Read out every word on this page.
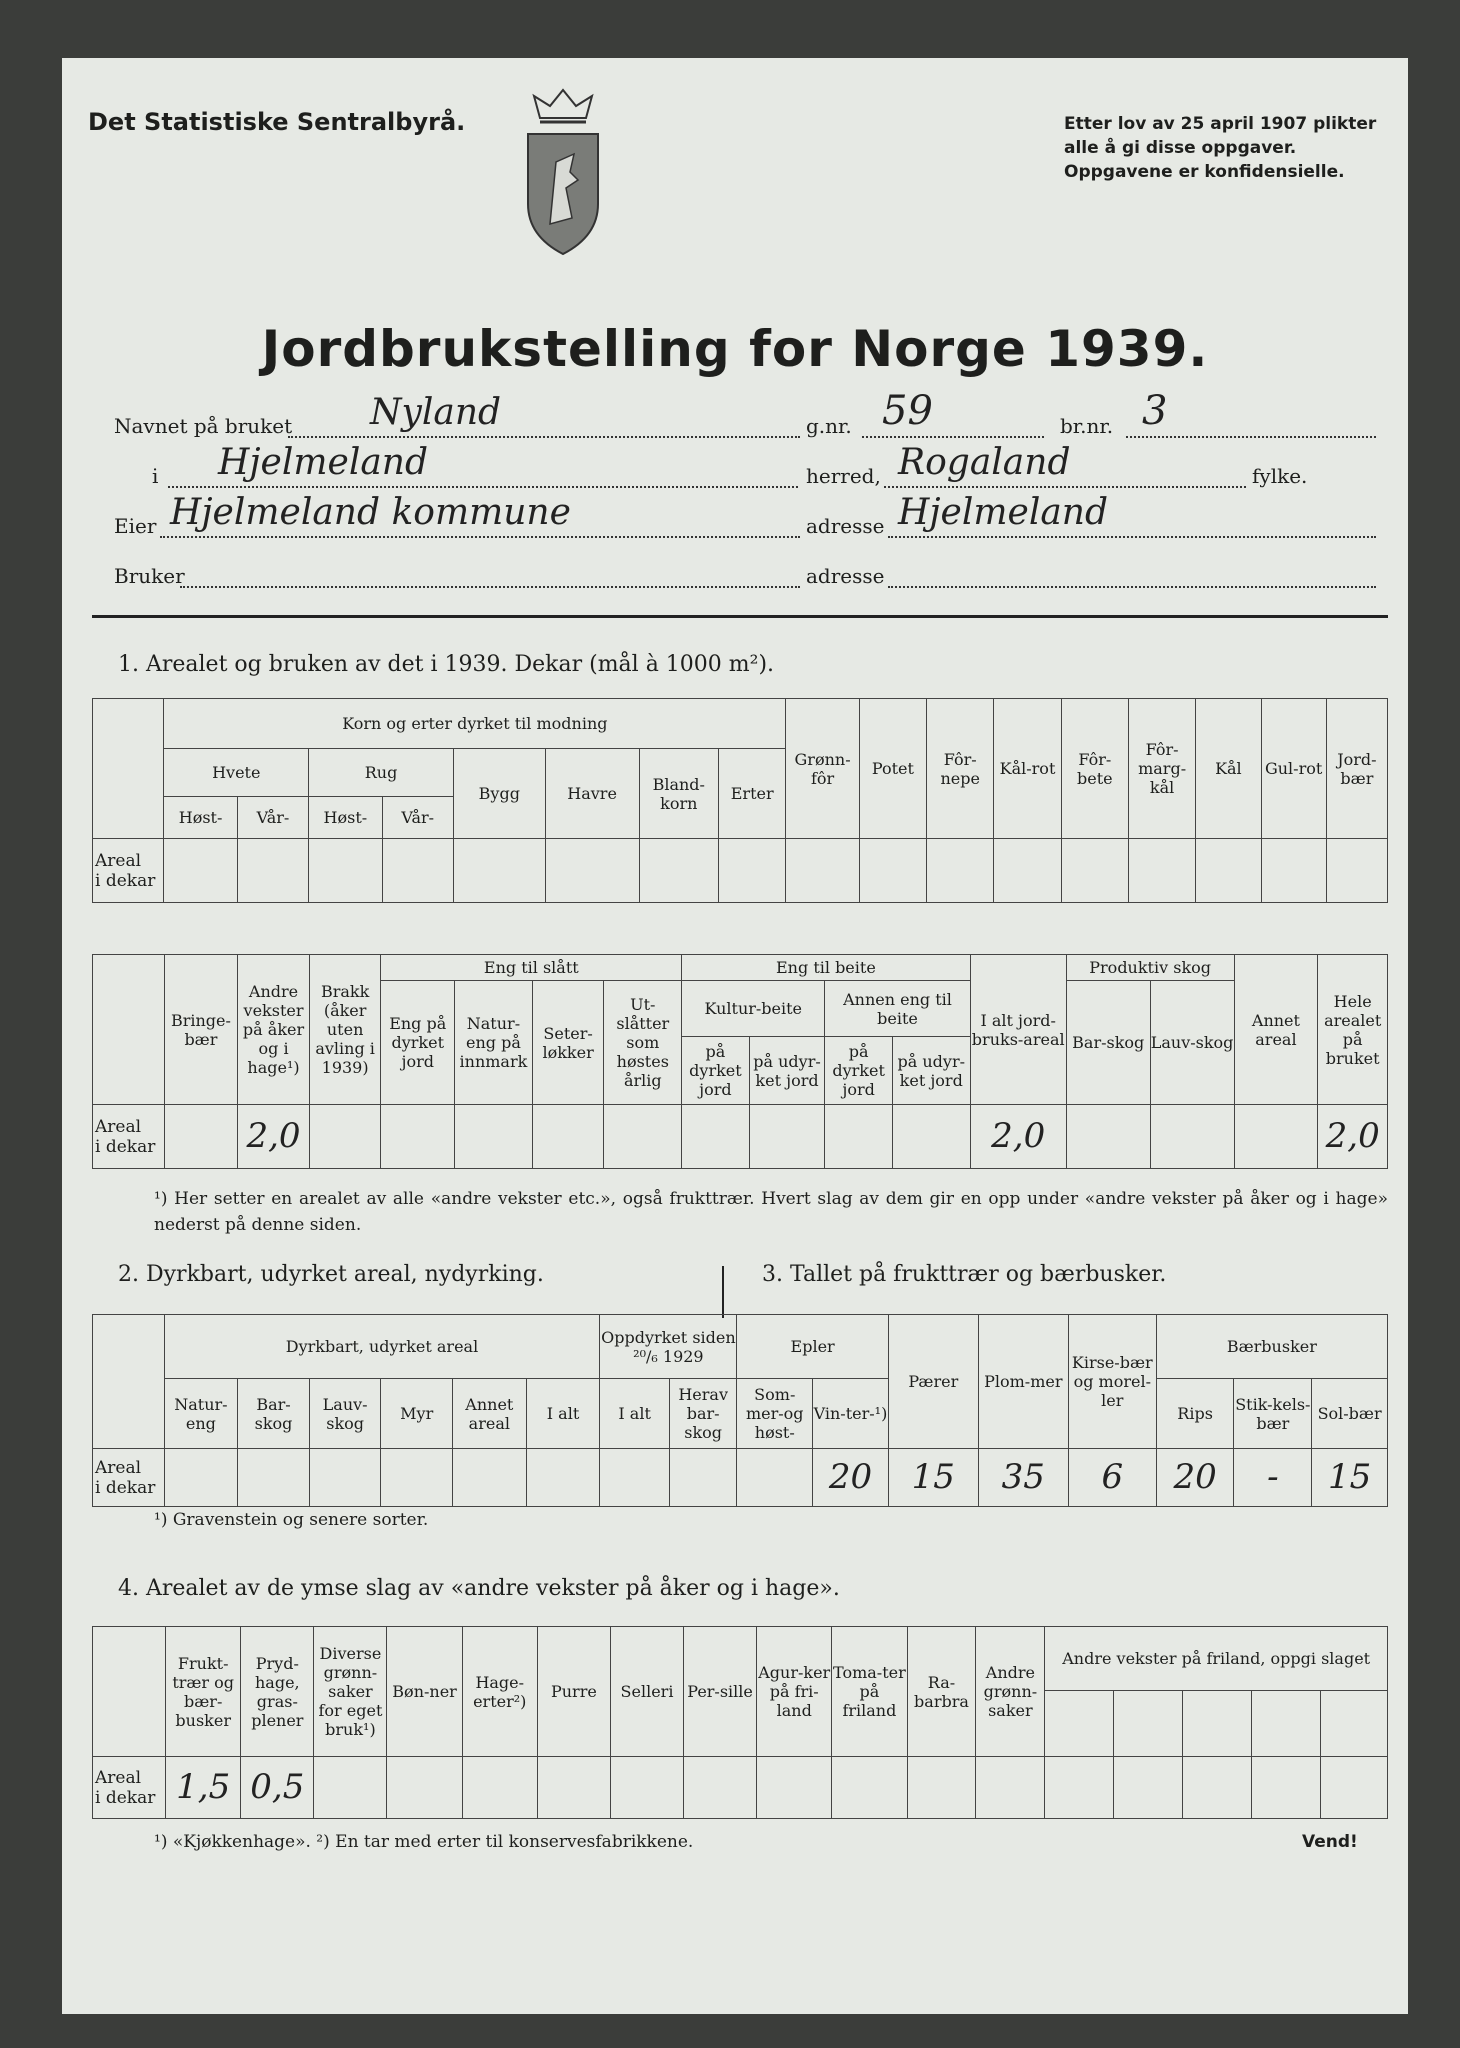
Det Statistiske Sentralbyrå.	Etter lov av 25 april 1907 plikter
alle å gi disse oppgaver.
Oppgavene er konfidensielle.
Jordbrukstelling for Norge 1939.
Navnet på bruket Nyland	g.nr. 59	br.nr. 3
i Hjelmeland	herred, Rogaland	fylke.
Eier Hjelmeland kommune	adresse Hjelmeland
Bruker	adresse
1. Arealet og bruken av det i 1939. Dekar (mål à 1000 m²).
	Korn og erter dyrket til modning								Grønn-fôr	Potet	Fôr-nepe	Kål-rot	Fôr-bete	Fôr-marg-kål	Kål	Gul-rot	Jord-bær
	Hvete		Rug		Bygg	Havre	Bland-korn	Erter									
	Høst-	Vår-	Høst-	Vår-													

Areal
i dekar																	

	Bringe-bær	Andre vekster på åker og i hage¹)	Brakk (åker uten avling i 1939)	Eng til slått				Eng til beite				I alt jord-bruks-areal	Produktiv skog		Annet areal	Hele arealet på bruket
				Eng på dyrket jord	Natur-eng på innmark	Seter-løkker	Ut-slåtter som høstes årlig	Kultur-beite		Annen eng til beite			Bar-skog	Lauv-skog		
								på dyrket jord	på udyr-ket jord	på dyrket jord	på udyr-ket jord					

Areal
i dekar		2,0										2,0				2,0
¹) Her setter en arealet av alle «andre vekster etc.», også frukttrær. Hvert slag av dem gir en opp under «andre vekster på åker og i hage» nederst på denne siden.
2. Dyrkbart, udyrket areal, nydyrking.	3. Tallet på frukttrær og bærbusker.
	Dyrkbart, udyrket areal						Oppdyrket siden ²⁰/₆ 1929		Epler		Pærer	Plom-mer	Kirse-bær og morel-ler	Bærbusker		

	Natur-eng	Bar-skog	Lauv-skog	Myr	Annet areal	I alt	I alt	Herav bar-skog	Som-mer-og høst-	Vin-ter-¹)				Rips	Stik-kels-bær	Sol-bær

Areal
i dekar										20	15	35	6	20	-	15
¹) Gravenstein og senere sorter.
4. Arealet av de ymse slag av «andre vekster på åker og i hage».
	Frukt-trær og bær-busker	Pryd-hage, gras-plener	Diverse grønn-saker for eget bruk¹)	Bøn-ner	Hage-erter²)	Purre	Selleri	Per-sille	Agur-ker på fri-land	Toma-ter på friland	Ra-barbra	Andre grønn-saker	Andre vekster på friland, oppgi slaget				

Areal
i dekar	1,5	0,5															
¹) «Kjøkkenhage». ²) En tar med erter til konservesfabrikkene.	Vend!
